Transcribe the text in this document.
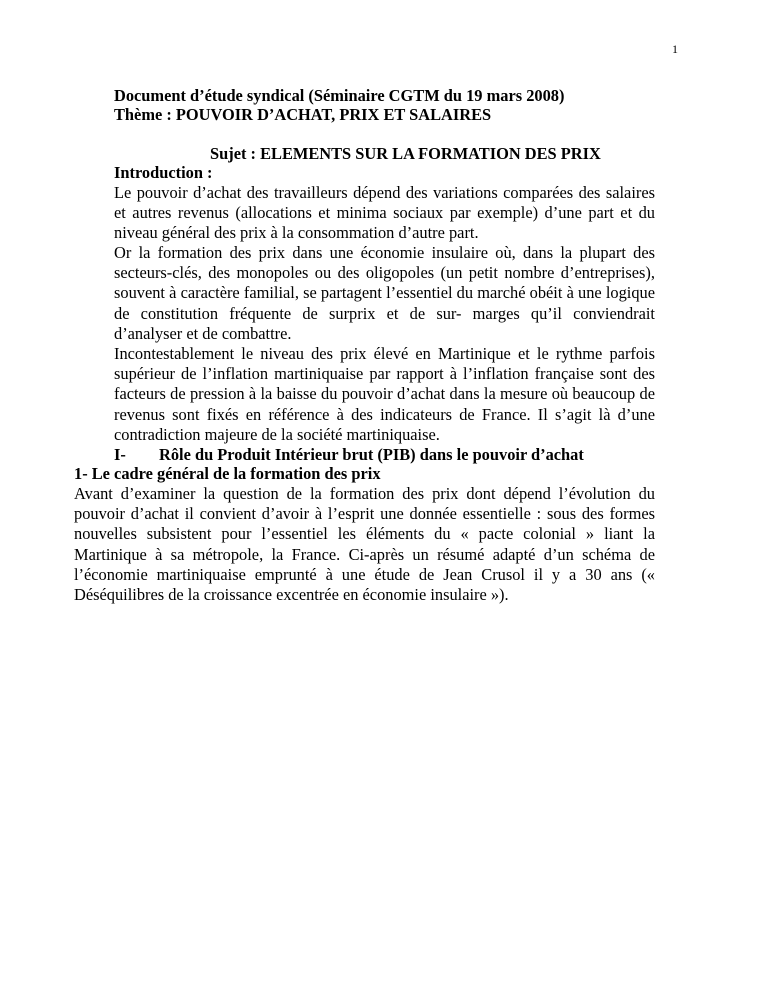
1
Document d’étude syndical (Séminaire CGTM du 19 mars 2008)
Thème : POUVOIR D’ACHAT, PRIX ET SALAIRES
Sujet : ELEMENTS SUR LA FORMATION DES PRIX
Introduction :
Le pouvoir d’achat des travailleurs dépend des variations comparées des salaires et autres revenus (allocations et minima sociaux par exemple) d’une part et du niveau général des prix à la consommation d’autre part.
Or la formation des prix dans une économie insulaire où, dans la plupart des secteurs-clés, des monopoles ou des oligopoles (un petit nombre d’entreprises), souvent à caractère familial, se partagent l’essentiel du marché obéit à une logique de constitution fréquente de surprix et de sur- marges qu’il conviendrait d’analyser et de combattre.
Incontestablement le niveau des prix élevé en Martinique et le rythme parfois supérieur de l’inflation martiniquaise par rapport à l’inflation française sont des facteurs de pression à la baisse du pouvoir d’achat dans la mesure où beaucoup de revenus sont fixés en référence à des indicateurs de France. Il s’agit là d’une contradiction majeure de la société martiniquaise.
I- Rôle du Produit Intérieur brut (PIB) dans le pouvoir d’achat
1- Le cadre général de la formation des prix
Avant d’examiner la question de la formation des prix dont dépend l’évolution du pouvoir d’achat il convient d’avoir à l’esprit une donnée essentielle : sous des formes nouvelles subsistent pour l’essentiel les éléments du « pacte colonial » liant la Martinique à sa métropole, la France. Ci-après un résumé adapté d’un schéma de l’économie martiniquaise emprunté à une étude de Jean Crusol il y a 30 ans (« Déséquilibres de la croissance excentrée en économie insulaire »).
